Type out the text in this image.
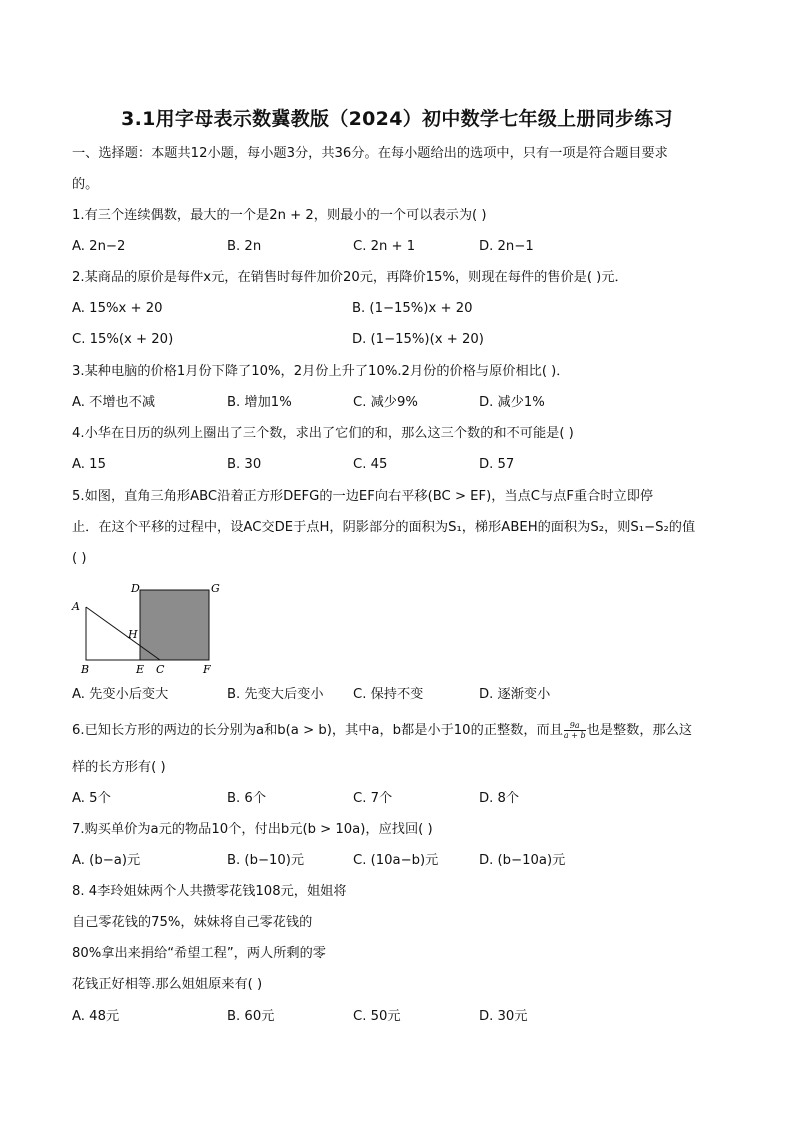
3.1用字母表示数冀教版（2024）初中数学七年级上册同步练习
一、选择题：本题共12小题，每小题3分，共36分。在每小题给出的选项中，只有一项是符合题目要求
的。
1.有三个连续偶数，最大的一个是2n + 2，则最小的一个可以表示为( )
A. 2n−2	B. 2n	C. 2n + 1	D. 2n−1
2.某商品的原价是每件x元，在销售时每件加价20元，再降价15%，则现在每件的售价是( )元．
A. 15%x + 20	B. (1−15%)x + 20
C. 15%(x + 20)	D. (1−15%)(x + 20)
3.某种电脑的价格1月份下降了10%，2月份上升了10%.2月份的价格与原价相比( )．
A. 不增也不减	B. 增加1%	C. 减少9%	D. 减少1%
4.小华在日历的纵列上圈出了三个数，求出了它们的和，那么这三个数的和不可能是( )
A. 15	B. 30	C. 45	D. 57
5.如图，直角三角形ABC沿着正方形DEFG的一边EF向右平移(BC > EF)，当点C与点F重合时立即停
止．在这个平移的过程中，设AC交DE于点H，阴影部分的面积为S₁，梯形ABEH的面积为S₂，则S₁−S₂的值
( )
A
B	C
D
E	F
G
H
A. 先变小后变大	B. 先变大后变小 C. 保持不变	D. 逐渐变小
6.已知长方形的两边的长分别为a和b(a > b)，其中a，b都是小于10的正整数，而且 $\frac{9a}{a + b}$ 也是整数，那么这
样的长方形有( )
A. 5个	B. 6个	C. 7个	D. 8个
7.购买单价为a元的物品10个，付出b元(b > 10a)，应找回( )
A. (b−a)元	B. (b−10)元	C. (10a−b)元	D. (b−10a)元
8. 4李玲姐妹两个人共攒零花钱108元，姐姐将
自己零花钱的75%，妹妹将自己零花钱的
80%拿出来捐给“希望工程”，两人所剩的零
花钱正好相等.那么姐姐原来有( )
A. 48元	B. 60元	C. 50元	D. 30元
